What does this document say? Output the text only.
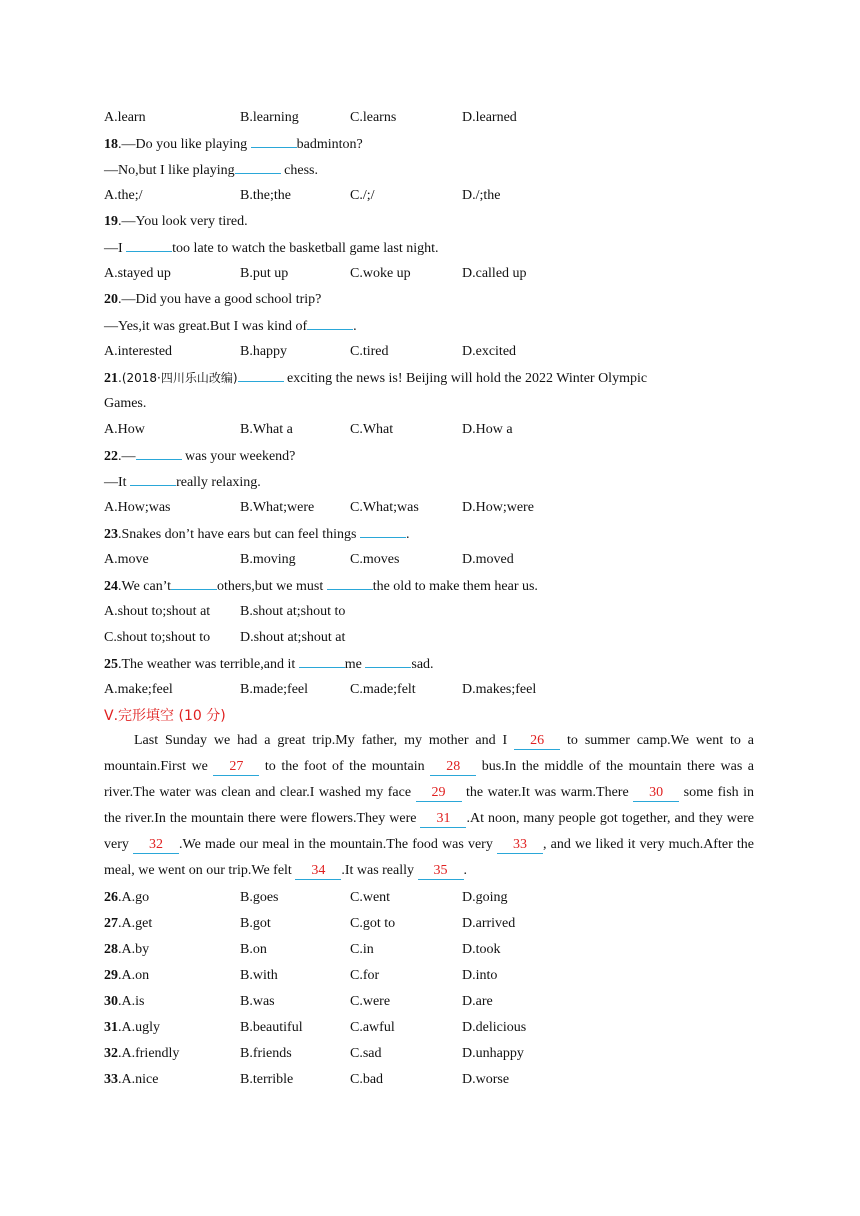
A.learn	B.learning	C.learns	D.learned
18.—Do you like playing	badminton?
—No,but I like playing	chess.
A.the;/	B.the;the	C./;/	D./;the
19.—You look very tired.
—I	too late to watch the basketball game last night.
A.stayed up	B.put up	C.woke up	D.called up
20.—Did you have a good school trip?
—Yes,it was great.But I was kind of	.
A.interested	B.happy	C.tired	D.excited
21.(2018·四川乐山改编)	exciting the news is! Beijing will hold the 2022 Winter Olympic
Games.
A.How	B.What a	C.What	D.How a
22.—	was your weekend?
—It	really relaxing.
A.How;was	B.What;were	C.What;was	D.How;were
23.Snakes don’t have ears but can feel things	.
A.move	B.moving	C.moves	D.moved
24.We can’t	others,but we must	the old to make them hear us.
A.shout to;shout at B.shout at;shout to
C.shout to;shout to D.shout at;shout at
25.The weather was terrible,and it	me	sad.
A.make;feel	B.made;feel	C.made;felt	D.makes;feel
Ⅴ.完形填空 (10 分)
Last Sunday we had a great trip.My father, my mother and I 26 to summer camp.We went to a mountain.First we 27 to the foot of the mountain 28 bus.In the middle of the mountain there was a river.The water was clean and clear.I washed my face 29 the water.It was warm.There 30 some fish in the river.In the mountain there were flowers.They were 31 .At noon, many people got together, and they were very 32 .We made our meal in the mountain.The food was very 33 , and we liked it very much.After the meal, we went on our trip.We felt 34 .It was really 35 .
26.A.go	B.goes	C.went	D.going
27.A.get	B.got	C.got to	D.arrived
28.A.by	B.on	C.in	D.took
29.A.on	B.with	C.for	D.into
30.A.is	B.was	C.were	D.are
31.A.ugly	B.beautiful	C.awful	D.delicious
32.A.friendly	B.friends	C.sad	D.unhappy
33.A.nice	B.terrible	C.bad	D.worse
